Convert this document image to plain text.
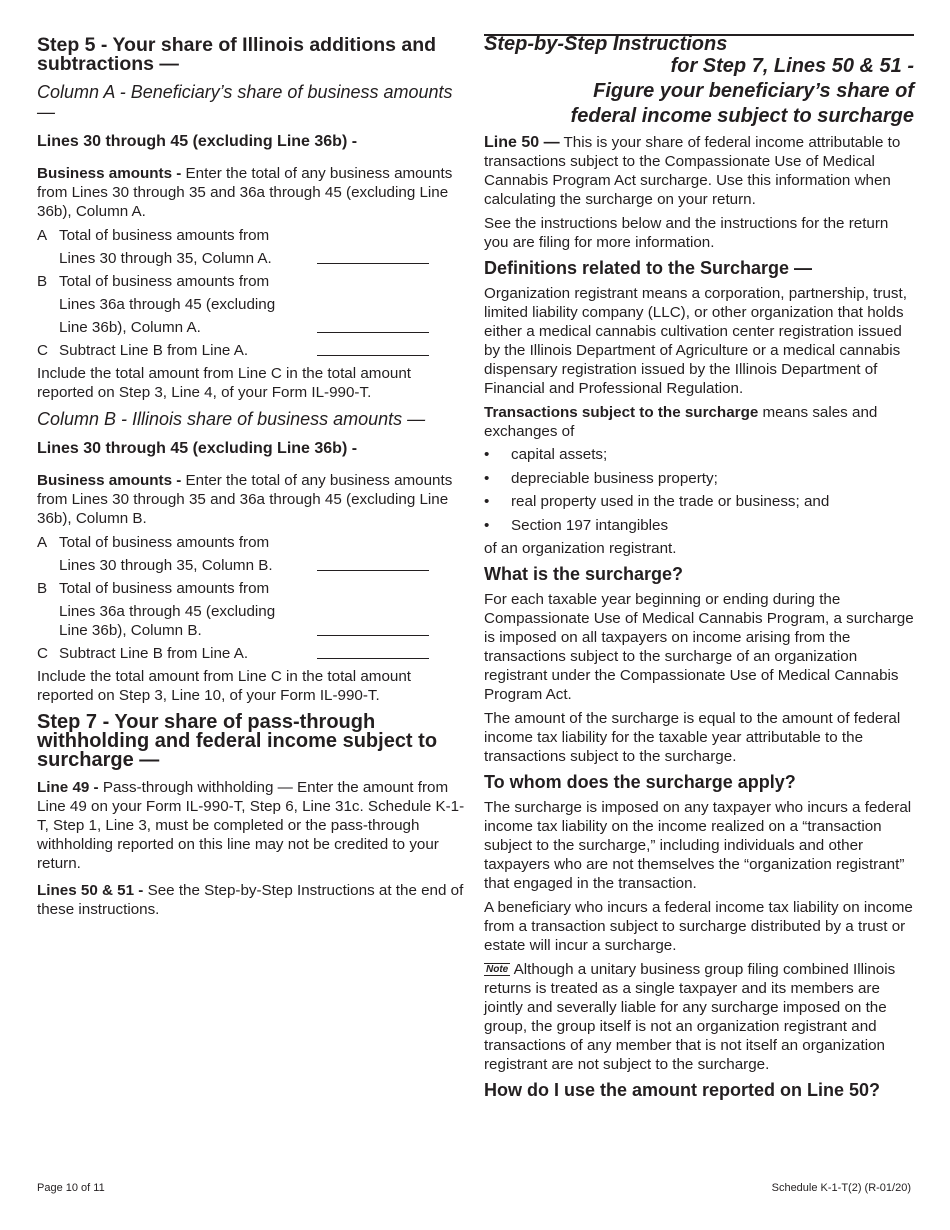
Step 5 - Your share of Illinois additions and subtractions —
Column A - Beneficiary’s share of business amounts —
Lines 30 through 45 (excluding Line 36b) -

Business amounts - Enter the total of any business amounts from Lines 30 through 35 and 36a through 45 (excluding Line 36b), Column A.

A Total of business amounts from
Lines 30 through 35, Column A.
B Total of business amounts from
Lines 36a through 45 (excluding
Line 36b), Column A.
C Subtract Line B from Line A.

Include the total amount from Line C in the total amount reported on Step 3, Line 4, of your Form IL-990-T.

Column B - Illinois share of business amounts —
Lines 30 through 45 (excluding Line 36b) -

Business amounts - Enter the total of any business amounts from Lines 30 through 35 and 36a through 45 (excluding Line 36b), Column B.

A Total of business amounts from
Lines 30 through 35, Column B.
B Total of business amounts from
Lines 36a through 45 (excluding
Line 36b), Column B.
C Subtract Line B from Line A.

Include the total amount from Line C in the total amount reported on Step 3, Line 10, of your Form IL-990-T.

Step 7 - Your share of pass-through withholding and federal income subject to surcharge —

Line 49 - Pass-through withholding — Enter the amount from Line 49 on your Form IL-990-T, Step 6, Line 31c. Schedule K-1-T, Step 1, Line 3, must be completed or the pass-through withholding reported on this line may not be credited to your return.

Lines 50 & 51 - See the Step-by-Step Instructions at the end of these instructions.

Step-by-Step Instructions
for Step 7, Lines 50 & 51 -
Figure your beneficiary’s share of
federal income subject to surcharge

Line 50 — This is your share of federal income attributable to transactions subject to the Compassionate Use of Medical Cannabis Program Act surcharge. Use this information when calculating the surcharge on your return.

See the instructions below and the instructions for the return you are filing for more information.

Definitions related to the Surcharge —

Organization registrant means a corporation, partnership, trust, limited liability company (LLC), or other organization that holds either a medical cannabis cultivation center registration issued by the Illinois Department of Agriculture or a medical cannabis dispensary registration issued by the Illinois Department of Financial and Professional Regulation.

Transactions subject to the surcharge means sales and exchanges of

•	capital assets;
•	depreciable business property;
•	real property used in the trade or business; and
•	Section 197 intangibles

of an organization registrant.

What is the surcharge?

For each taxable year beginning or ending during the Compassionate Use of Medical Cannabis Program, a surcharge is imposed on all taxpayers on income arising from the transactions subject to the surcharge of an organization registrant under the Compassionate Use of Medical Cannabis Program Act.

The amount of the surcharge is equal to the amount of federal income tax liability for the taxable year attributable to the transactions subject to the surcharge.

To whom does the surcharge apply?

The surcharge is imposed on any taxpayer who incurs a federal income tax liability on the income realized on a “transaction subject to the surcharge,” including individuals and other taxpayers who are not themselves the “organization registrant” that engaged in the transaction.

A beneficiary who incurs a federal income tax liability on income from a transaction subject to surcharge distributed by a trust or estate will incur a surcharge.

Note Although a unitary business group filing combined Illinois returns is treated as a single taxpayer and its members are jointly and severally liable for any surcharge imposed on the group, the group itself is not an organization registrant and transactions of any member that is not itself an organization registrant are not subject to the surcharge.

How do I use the amount reported on Line 50?
Page 10 of 11	Schedule K-1-T(2) (R-01/20)
